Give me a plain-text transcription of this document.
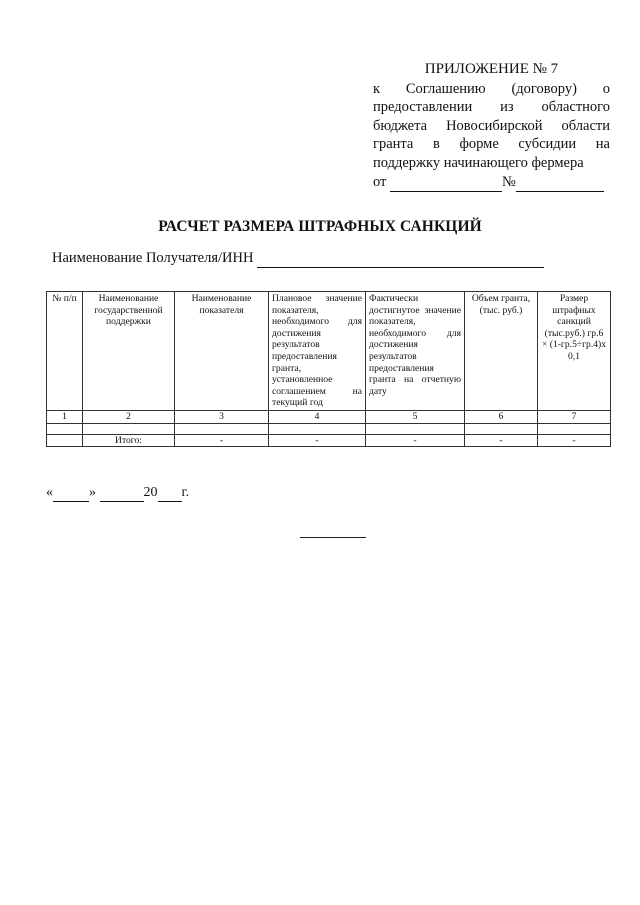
ПРИЛОЖЕНИЕ № 7
к Соглашению (договору) о
предоставлении из областного
бюджета Новосибирской области
гранта в форме субсидии на
поддержку начинающего фермера
от	№
РАСЧЕТ РАЗМЕРА ШТРАФНЫХ САНКЦИЙ
Наименование Получателя/ИНН
№ п/п	Наименование государственной поддержки	Наименование показателя	Плановое значение показателя, необходимого для достижения результатов предоставления гранта, установленное соглашением на текущий год	Фактически достигнутое значение показателя, необходимого для достижения результатов предоставления гранта на отчетную дату	Объем гранта, (тыс. руб.)	Размер штрафных санкций (тыс.руб.) гр.6 × (1-гр.5÷гр.4)х 0,1
1	2	3	4	5	6	7

	Итого:	-	-	-	-	-
«	»	20 г.
